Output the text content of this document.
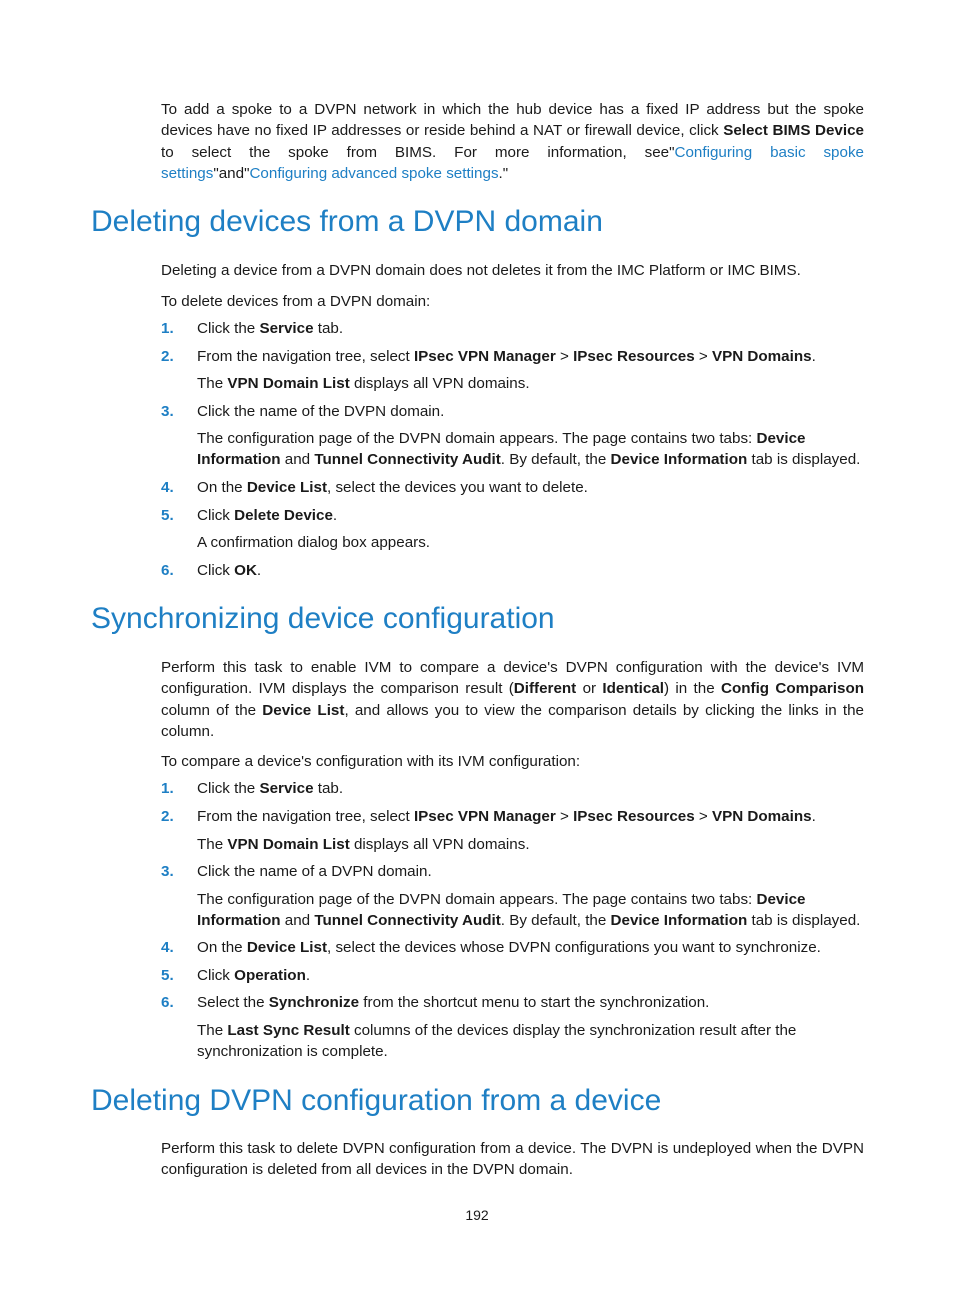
To add a spoke to a DVPN network in which the hub device has a fixed IP address but the spoke devices have no fixed IP addresses or reside behind a NAT or firewall device, click Select BIMS Device to select the spoke from BIMS. For more information, see"Configuring basic spoke settings"and"Configuring advanced spoke settings."

Deleting devices from a DVPN domain

Deleting a device from a DVPN domain does not deletes it from the IMC Platform or IMC BIMS.

To delete devices from a DVPN domain:

1. Click the Service tab.
2. From the navigation tree, select IPsec VPN Manager > IPsec Resources > VPN Domains.

The VPN Domain List displays all VPN domains.

3. Click the name of the DVPN domain.

The configuration page of the DVPN domain appears. The page contains two tabs: Device Information and Tunnel Connectivity Audit. By default, the Device Information tab is displayed.

4. On the Device List, select the devices you want to delete.
5. Click Delete Device.

A confirmation dialog box appears.

6. Click OK.
Synchronizing device configuration

Perform this task to enable IVM to compare a device's DVPN configuration with the device's IVM configuration. IVM displays the comparison result (Different or Identical) in the Config Comparison column of the Device List, and allows you to view the comparison details by clicking the links in the column.

To compare a device's configuration with its IVM configuration:

1. Click the Service tab.
2. From the navigation tree, select IPsec VPN Manager > IPsec Resources > VPN Domains.

The VPN Domain List displays all VPN domains.

3. Click the name of a DVPN domain.

The configuration page of the DVPN domain appears. The page contains two tabs: Device Information and Tunnel Connectivity Audit. By default, the Device Information tab is displayed.

4. On the Device List, select the devices whose DVPN configurations you want to synchronize.
5. Click Operation.
6. Select the Synchronize from the shortcut menu to start the synchronization.

The Last Sync Result columns of the devices display the synchronization result after the synchronization is complete.

Deleting DVPN configuration from a device

Perform this task to delete DVPN configuration from a device. The DVPN is undeployed when the DVPN configuration is deleted from all devices in the DVPN domain.

192
